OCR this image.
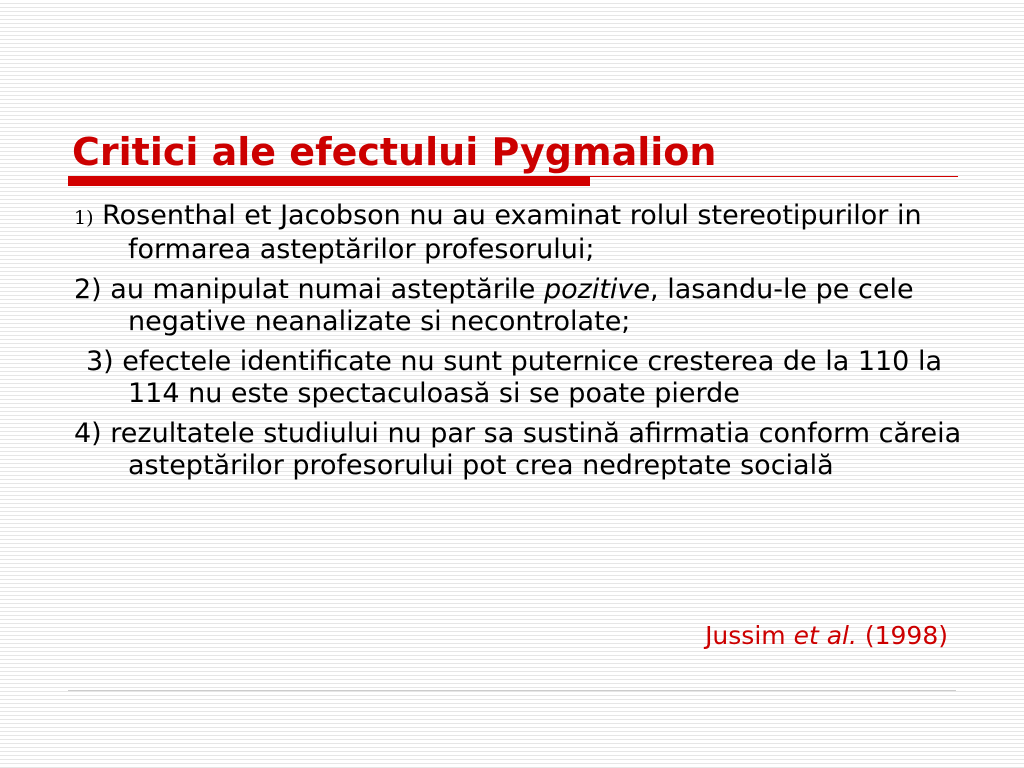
Critici ale efectului Pygmalion
1) Rosenthal et Jacobson nu au examinat rolul stereotipurilor in formarea asteptărilor profesorului;
2) au manipulat numai asteptările pozitive, lasandu-le pe cele negative neanalizate si necontrolate;
3) efectele identificate nu sunt puternice cresterea de la 110 la 114 nu este spectaculoasă si se poate pierde
4) rezultatele studiului nu par sa sustină afirmatia conform căreia asteptărilor profesorului pot crea nedreptate socială
Jussim et al. (1998)
